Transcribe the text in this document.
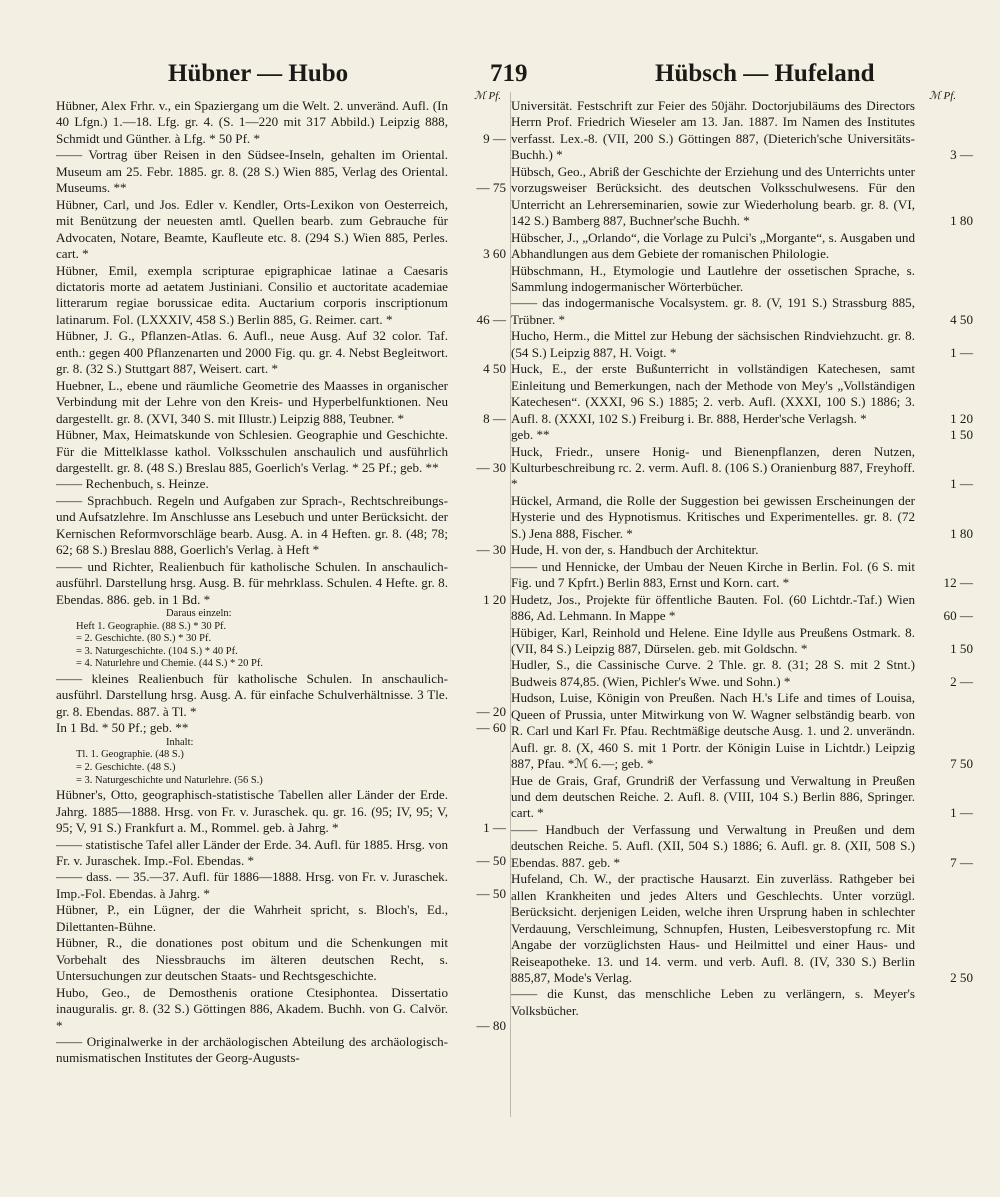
Hübner — Hubo	719	Hübsch — Hufeland
ℳ Pf.	ℳ Pf.
Hübner, Alex Frhr. v., ein Spaziergang um die Welt. 2. unveränd. Aufl. (In 40 Lfgn.) 1.—18. Lfg. gr. 4. (S. 1—220 mit 317 Abbild.) Leipzig 888, Schmidt und Günther. à Lfg. * 50 Pf. *	9 —
—— Vortrag über Reisen in den Südsee-Inseln, gehalten im Oriental. Museum am 25. Febr. 1885. gr. 8. (28 S.) Wien 885, Verlag des Oriental. Museums. **	— 75
Hübner, Carl, und Jos. Edler v. Kendler, Orts-Lexikon von Oesterreich, mit Benützung der neuesten amtl. Quellen bearb. zum Gebrauche für Advocaten, Notare, Beamte, Kaufleute etc. 8. (294 S.) Wien 885, Perles. cart. *	3 60
Hübner, Emil, exempla scripturae epigraphicae latinae a Caesaris dictatoris morte ad aetatem Justiniani. Consilio et auctoritate academiae litterarum regiae borussicae edita. Auctarium corporis inscriptionum latinarum. Fol. (LXXXIV, 458 S.) Berlin 885, G. Reimer. cart. *	46 —
Hübner, J. G., Pflanzen-Atlas. 6. Aufl., neue Ausg. Auf 32 color. Taf. enth.: gegen 400 Pflanzenarten und 2000 Fig. qu. gr. 4. Nebst Begleitwort. gr. 8. (32 S.) Stuttgart 887, Weisert. cart. *	4 50
Huebner, L., ebene und räumliche Geometrie des Maasses in organischer Verbindung mit der Lehre von den Kreis- und Hyperbelfunktionen. Neu dargestellt. gr. 8. (XVI, 340 S. mit Illustr.) Leipzig 888, Teubner. *	8 —
Hübner, Max, Heimatskunde von Schlesien. Geographie und Geschichte. Für die Mittelklasse kathol. Volksschulen anschaulich und ausführlich dargestellt. gr. 8. (48 S.) Breslau 885, Goerlich's Verlag. * 25 Pf.; geb. **	— 30
—— Rechenbuch, s. Heinze.
—— Sprachbuch. Regeln und Aufgaben zur Sprach-, Rechtschreibungs- und Aufsatzlehre. Im Anschlusse ans Lesebuch und unter Berücksicht. der Kernischen Reformvorschläge bearb. Ausg. A. in 4 Heften. gr. 8. (48; 78; 62; 68 S.) Breslau 888, Goerlich's Verlag. à Heft *	— 30
—— und Richter, Realienbuch für katholische Schulen. In anschaulich-ausführl. Darstellung hrsg. Ausg. B. für mehrklass. Schulen. 4 Hefte. gr. 8. Ebendas. 886. geb. in 1 Bd. *	1 20
Daraus einzeln:
Heft 1. Geographie. (88 S.) * 30 Pf.
= 2. Geschichte. (80 S.) * 30 Pf.
= 3. Naturgeschichte. (104 S.) * 40 Pf.
= 4. Naturlehre und Chemie. (44 S.) * 20 Pf.
—— kleines Realienbuch für katholische Schulen. In anschaulich-ausführl. Darstellung hrsg. Ausg. A. für einfache Schulverhältnisse. 3 Tle. gr. 8. Ebendas. 887. à Tl. *	— 20
In 1 Bd. * 50 Pf.; geb. **	— 60
Inhalt:
Tl. 1. Geographie. (48 S.)
= 2. Geschichte. (48 S.)
= 3. Naturgeschichte und Naturlehre. (56 S.)
Hübner's, Otto, geographisch-statistische Tabellen aller Länder der Erde. Jahrg. 1885—1888. Hrsg. von Fr. v. Juraschek. qu. gr. 16. (95; IV, 95; V, 95; V, 91 S.) Frankfurt a. M., Rommel. geb. à Jahrg. *	1 —
—— statistische Tafel aller Länder der Erde. 34. Aufl. für 1885. Hrsg. von Fr. v. Juraschek. Imp.-Fol. Ebendas. *	— 50
—— dass. — 35.—37. Aufl. für 1886—1888. Hrsg. von Fr. v. Juraschek. Imp.-Fol. Ebendas. à Jahrg. *	— 50
Hübner, P., ein Lügner, der die Wahrheit spricht, s. Bloch's, Ed., Dilettanten-Bühne.
Hübner, R., die donationes post obitum und die Schenkungen mit Vorbehalt des Niessbrauchs im älteren deutschen Recht, s. Untersuchungen zur deutschen Staats- und Rechtsgeschichte.
Hubo, Geo., de Demosthenis oratione Ctesiphontea. Dissertatio inauguralis. gr. 8. (32 S.) Göttingen 886, Akadem. Buchh. von G. Calvör. *	— 80
—— Originalwerke in der archäologischen Abteilung des archäologisch-numismatischen Institutes der Georg-Augusts-
Universität. Festschrift zur Feier des 50jähr. Doctorjubiläums des Directors Herrn Prof. Friedrich Wieseler am 13. Jan. 1887. Im Namen des Institutes verfasst. Lex.-8. (VII, 200 S.) Göttingen 887, (Dieterich'sche Universitäts-Buchh.) *	3 —
Hübsch, Geo., Abriß der Geschichte der Erziehung und des Unterrichts unter vorzugsweiser Berücksicht. des deutschen Volksschulwesens. Für den Unterricht an Lehrerseminarien, sowie zur Wiederholung bearb. gr. 8. (VI, 142 S.) Bamberg 887, Buchner'sche Buchh. *	1 80
Hübscher, J., „Orlando“, die Vorlage zu Pulci's „Morgante“, s. Ausgaben und Abhandlungen aus dem Gebiete der romanischen Philologie.
Hübschmann, H., Etymologie und Lautlehre der ossetischen Sprache, s. Sammlung indogermanischer Wörterbücher.
—— das indogermanische Vocalsystem. gr. 8. (V, 191 S.) Strassburg 885, Trübner. *	4 50
Hucho, Herm., die Mittel zur Hebung der sächsischen Rindviehzucht. gr. 8. (54 S.) Leipzig 887, H. Voigt. *	1 —
Huck, E., der erste Bußunterricht in vollständigen Katechesen, samt Einleitung und Bemerkungen, nach der Methode von Mey's „Vollständigen Katechesen“. (XXXI, 96 S.) 1885; 2. verb. Aufl. (XXXI, 100 S.) 1886; 3. Aufl. 8. (XXXI, 102 S.) Freiburg i. Br. 888, Herder'sche Verlagsh. *	1 20
geb. **	1 50
Huck, Friedr., unsere Honig- und Bienenpflanzen, deren Nutzen, Kulturbeschreibung rc. 2. verm. Aufl. 8. (106 S.) Oranienburg 887, Freyhoff. *	1 —
Hückel, Armand, die Rolle der Suggestion bei gewissen Erscheinungen der Hysterie und des Hypnotismus. Kritisches und Experimentelles. gr. 8. (72 S.) Jena 888, Fischer. *	1 80
Hude, H. von der, s. Handbuch der Architektur.
—— und Hennicke, der Umbau der Neuen Kirche in Berlin. Fol. (6 S. mit Fig. und 7 Kpfrt.) Berlin 883, Ernst und Korn. cart. *	12 —
Hudetz, Jos., Projekte für öffentliche Bauten. Fol. (60 Lichtdr.-Taf.) Wien 886, Ad. Lehmann. In Mappe *	60 —
Hübiger, Karl, Reinhold und Helene. Eine Idylle aus Preußens Ostmark. 8. (VII, 84 S.) Leipzig 887, Dürselen. geb. mit Goldschn. *	1 50
Hudler, S., die Cassinische Curve. 2 Thle. gr. 8. (31; 28 S. mit 2 Stnt.) Budweis 874,85. (Wien, Pichler's Wwe. und Sohn.) *	2 —
Hudson, Luise, Königin von Preußen. Nach H.'s Life and times of Louisa, Queen of Prussia, unter Mitwirkung von W. Wagner selbständig bearb. von R. Carl und Karl Fr. Pfau. Rechtmäßige deutsche Ausg. 1. und 2. unverändn. Aufl. gr. 8. (X, 460 S. mit 1 Portr. der Königin Luise in Lichtdr.) Leipzig 887, Pfau. *ℳ 6.—; geb. *	7 50
Hue de Grais, Graf, Grundriß der Verfassung und Verwaltung in Preußen und dem deutschen Reiche. 2. Aufl. 8. (VIII, 104 S.) Berlin 886, Springer. cart. *	1 —
—— Handbuch der Verfassung und Verwaltung in Preußen und dem deutschen Reiche. 5. Aufl. (XII, 504 S.) 1886; 6. Aufl. gr. 8. (XII, 508 S.) Ebendas. 887. geb. *	7 —
Hufeland, Ch. W., der practische Hausarzt. Ein zuverläss. Rathgeber bei allen Krankheiten und jedes Alters und Geschlechts. Unter vorzügl. Berücksicht. derjenigen Leiden, welche ihren Ursprung haben in schlechter Verdauung, Verschleimung, Schnupfen, Husten, Leibesverstopfung rc. Mit Angabe der vorzüglichsten Haus- und Heilmittel und einer Haus- und Reiseapotheke. 13. und 14. verm. und verb. Aufl. 8. (IV, 330 S.) Berlin 885,87, Mode's Verlag.	2 50
—— die Kunst, das menschliche Leben zu verlängern, s. Meyer's Volksbücher.
